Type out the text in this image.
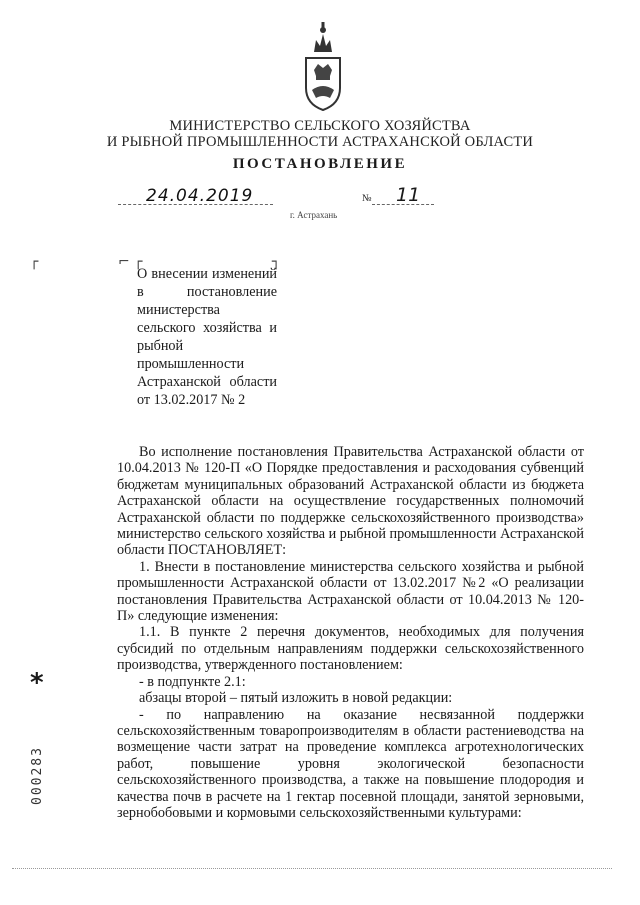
МИНИСТЕРСТВО СЕЛЬСКОГО ХОЗЯЙСТВА
И РЫБНОЙ ПРОМЫШЛЕННОСТИ АСТРАХАНСКОЙ ОБЛАСТИ
ПОСТАНОВЛЕНИЕ
24.04.2019	№ 11
г. Астрахань
┌	⌐ ┌	┐
О внесении изменений в постановление министерства сельского хозяйства и рыбной промышленности Астраханской области от 13.02.2017 № 2

Во исполнение постановления Правительства Астраханской области от 10.04.2013 № 120-П «О Порядке предоставления и расходования субвенций бюджетам муниципальных образований Астраханской области из бюджета Астраханской области на осуществление государственных полномочий Астраханской области по поддержке сельскохозяйственного производства» министерство сельского хозяйства и рыбной промышленности Астраханской области ПОСТАНОВЛЯЕТ:

1. Внести в постановление министерства сельского хозяйства и рыбной промышленности Астраханской области от 13.02.2017 №2 «О реализации постановления Правительства Астраханской области от 10.04.2013 № 120-П» следующие изменения:

1.1. В пункте 2 перечня документов, необходимых для получения субсидий по отдельным направлениям поддержки сельскохозяйственного производства, утвержденного постановлением:

- в подпункте 2.1:

абзацы второй – пятый изложить в новой редакции:

- по направлению на оказание несвязанной поддержки сельскохозяйственным товаропроизводителям в области растениеводства на возмещение части затрат на проведение комплекса агротехнологических работ, повышение уровня экологической безопасности сельскохозяйственного производства, а также на повышение плодородия и качества почв в расчете на 1 гектар посевной площади, занятой зерновыми, зернобобовыми и кормовыми сельскохозяйственными культурами:

*
000283
